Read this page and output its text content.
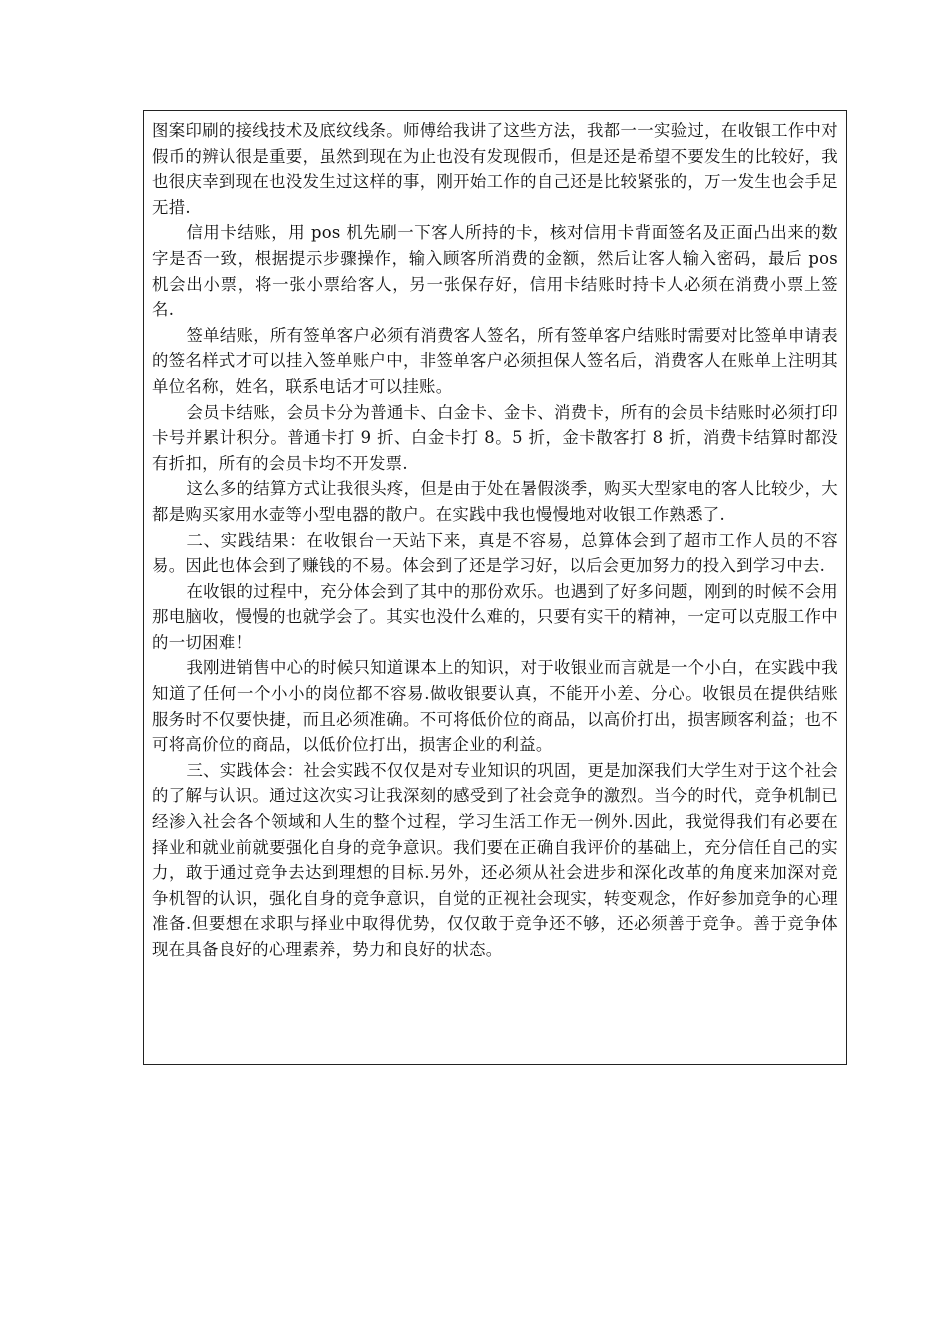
图案印刷的接线技术及底纹线条。师傅给我讲了这些方法，我都一一实验过，在收银工作中对假币的辨认很是重要，虽然到现在为止也没有发现假币，但是还是希望不要发生的比较好，我也很庆幸到现在也没发生过这样的事，刚开始工作的自己还是比较紧张的，万一发生也会手足无措.

信用卡结账，用 pos 机先刷一下客人所持的卡，核对信用卡背面签名及正面凸出来的数字是否一致，根据提示步骤操作，输入顾客所消费的金额，然后让客人输入密码，最后 pos 机会出小票，将一张小票给客人，另一张保存好，信用卡结账时持卡人必须在消费小票上签名.

签单结账，所有签单客户必须有消费客人签名，所有签单客户结账时需要对比签单申请表的签名样式才可以挂入签单账户中，非签单客户必须担保人签名后，消费客人在账单上注明其单位名称，姓名，联系电话才可以挂账。

会员卡结账，会员卡分为普通卡、白金卡、金卡、消费卡，所有的会员卡结账时必须打印卡号并累计积分。普通卡打 9 折、白金卡打 8。5 折，金卡散客打 8 折，消费卡结算时都没有折扣，所有的会员卡均不开发票.

这么多的结算方式让我很头疼，但是由于处在暑假淡季，购买大型家电的客人比较少，大都是购买家用水壶等小型电器的散户。在实践中我也慢慢地对收银工作熟悉了.

二、实践结果：在收银台一天站下来，真是不容易，总算体会到了超市工作人员的不容易。因此也体会到了赚钱的不易。体会到了还是学习好，以后会更加努力的投入到学习中去.

在收银的过程中，充分体会到了其中的那份欢乐。也遇到了好多问题，刚到的时候不会用那电脑收，慢慢的也就学会了。其实也没什么难的，只要有实干的精神，一定可以克服工作中的一切困难！

我刚进销售中心的时候只知道课本上的知识，对于收银业而言就是一个小白，在实践中我知道了任何一个小小的岗位都不容易.做收银要认真，不能开小差、分心。收银员在提供结账服务时不仅要快捷，而且必须准确。不可将低价位的商品，以高价打出，损害顾客利益；也不可将高价位的商品，以低价位打出，损害企业的利益。

三、实践体会：社会实践不仅仅是对专业知识的巩固，更是加深我们大学生对于这个社会的了解与认识。通过这次实习让我深刻的感受到了社会竞争的激烈。当今的时代，竞争机制已经渗入社会各个领域和人生的整个过程，学习生活工作无一例外.因此，我觉得我们有必要在择业和就业前就要强化自身的竞争意识。我们要在正确自我评价的基础上，充分信任自己的实力，敢于通过竞争去达到理想的目标.另外，还必须从社会进步和深化改革的角度来加深对竞争机智的认识，强化自身的竞争意识，自觉的正视社会现实，转变观念，作好参加竞争的心理准备.但要想在求职与择业中取得优势，仅仅敢于竞争还不够，还必须善于竞争。善于竞争体现在具备良好的心理素养，势力和良好的状态。
